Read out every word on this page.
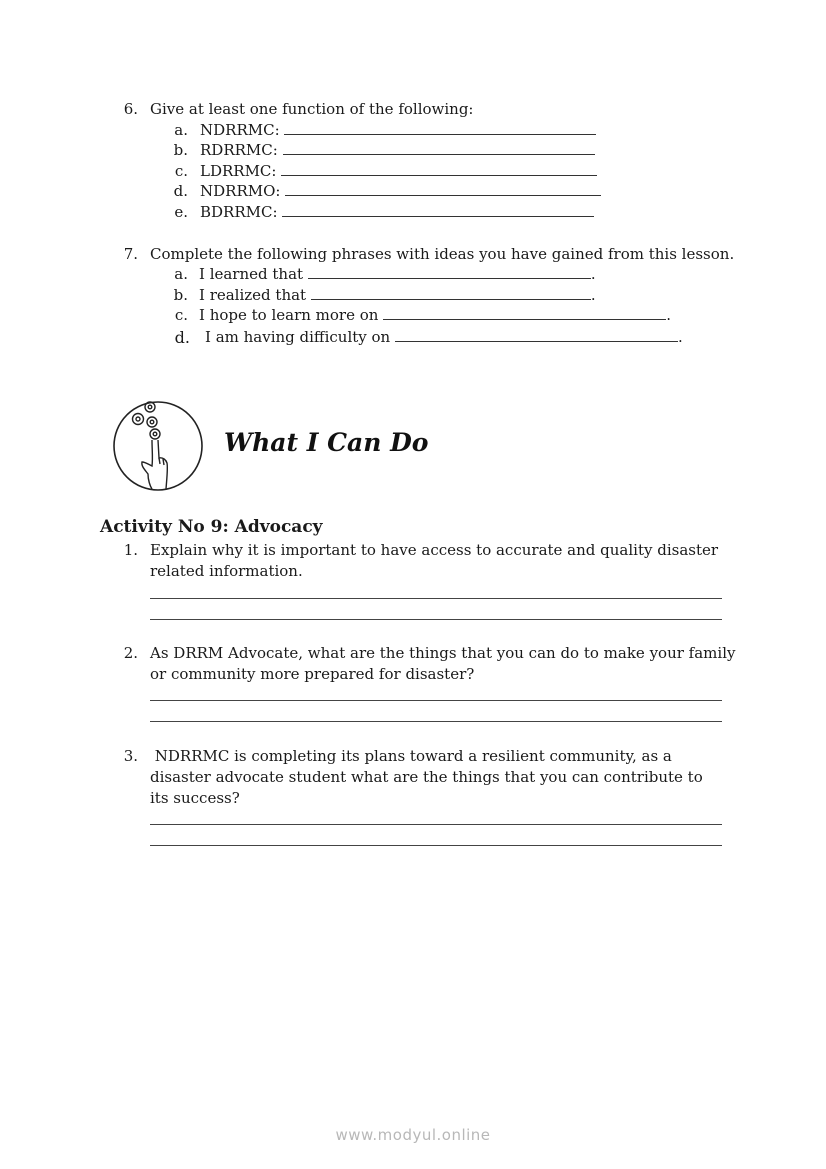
6. Give at least one function of the following:
a. NDRRMC:
b. RDRRMC:
c. LDRRMC:
d. NDRRMO:
e. BDRRMC:
7. Complete the following phrases with ideas you have gained from this lesson.
a. I learned that	.
b. I realized that	.
c. I hope to learn more on	.
d. I am having difficulty on	.
What I Can Do
Activity No 9: Advocacy
1. Explain why it is important to have access to accurate and quality disaster
related information.
2. As DRRM Advocate, what are the things that you can do to make your family
or community more prepared for disaster?
3. NDRRMC is completing its plans toward a resilient community, as a
disaster advocate student what are the things that you can contribute to
its success?
www.modyul.online
